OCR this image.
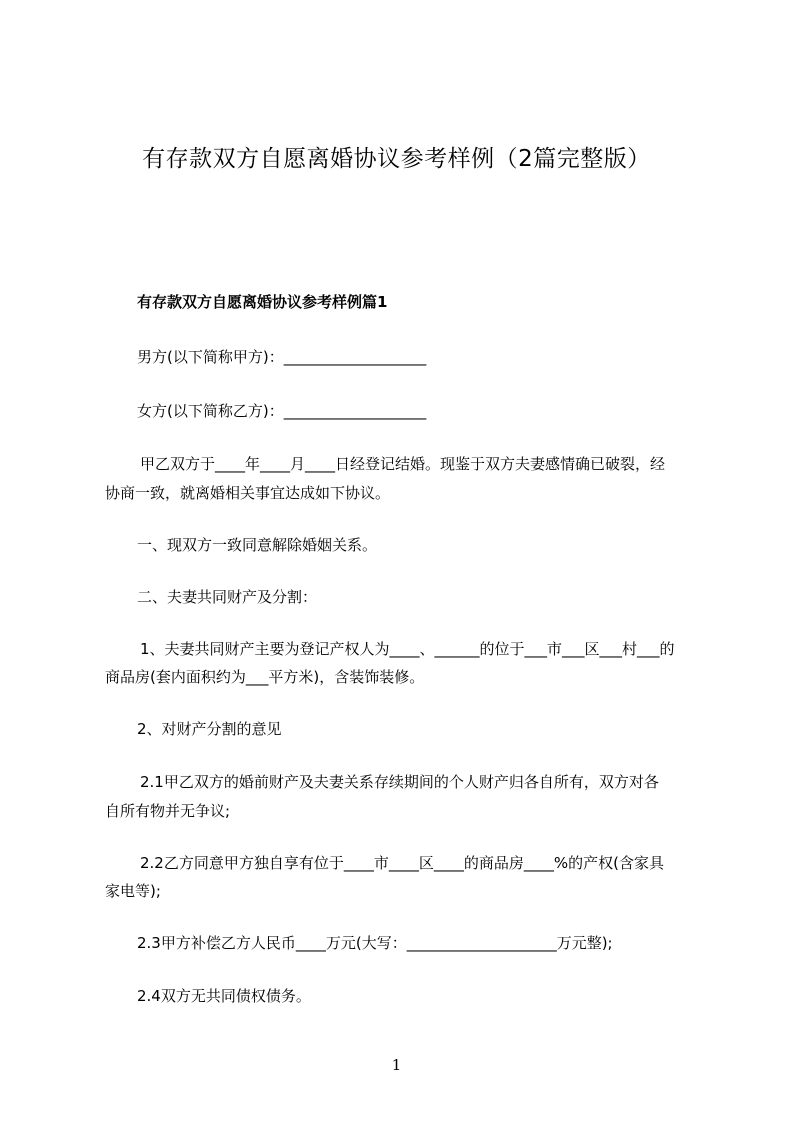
有存款双方自愿离婚协议参考样例（2篇完整版）
有存款双方自愿离婚协议参考样例篇1

男方(以下简称甲方)：___________________

女方(以下简称乙方)：___________________

甲乙双方于____年____月____日经登记结婚。现鉴于双方夫妻感情确已破裂，经

协商一致，就离婚相关事宜达成如下协议。

一、现双方一致同意解除婚姻关系。

二、夫妻共同财产及分割：

1、夫妻共同财产主要为登记产权人为____、______的位于___市___区___村___的

商品房(套内面积约为___平方米)，含装饰装修。

2、对财产分割的意见

2.1甲乙双方的婚前财产及夫妻关系存续期间的个人财产归各自所有，双方对各

自所有物并无争议;

2.2乙方同意甲方独自享有位于____市____区____的商品房____%的产权(含家具

家电等);

2.3甲方补偿乙方人民币____万元(大写：____________________万元整);

2.4双方无共同债权债务。

1
